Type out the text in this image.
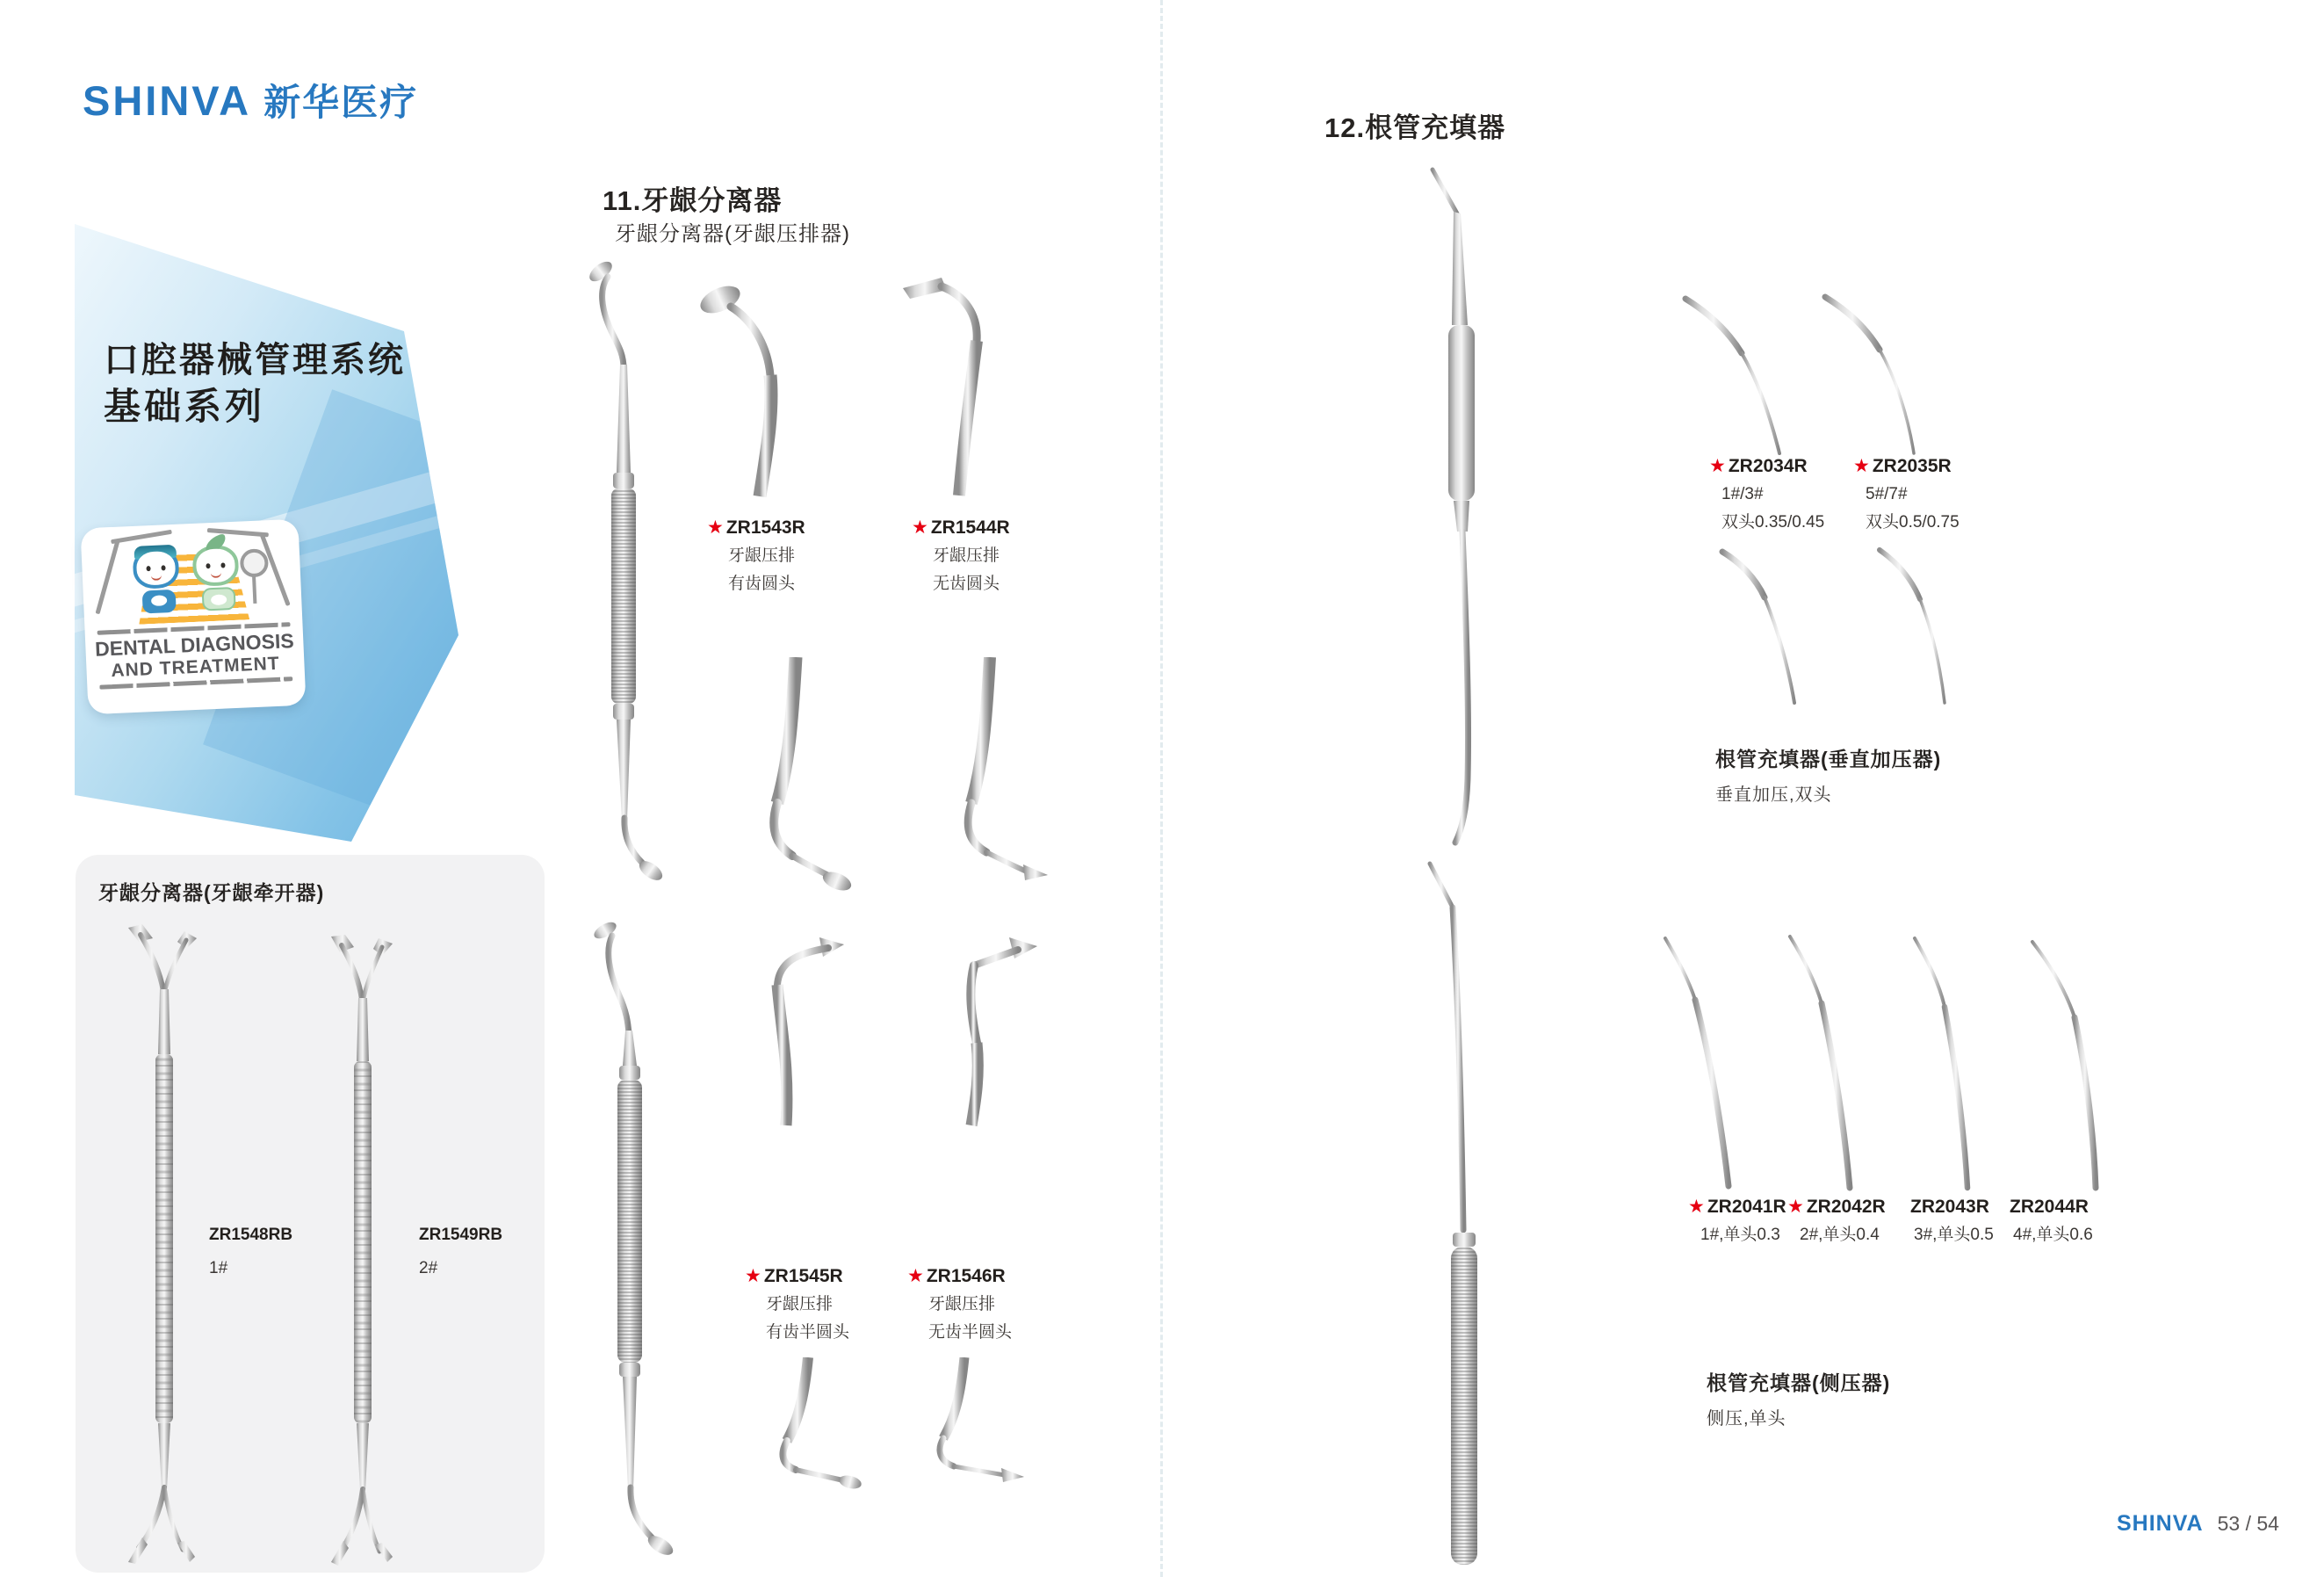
SHINVA 新华医疗
口腔器械管理系统
基础系列
DENTAL DIAGNOSIS
AND TREATMENT
11.牙龈分离器
牙龈分离器(牙龈压排器)
★ ZR1543R
牙龈压排
有齿圆头
★ ZR1544R
牙龈压排
无齿圆头
★ ZR1545R
牙龈压排
有齿半圆头
★ ZR1546R
牙龈压排
无齿半圆头
牙龈分离器(牙龈牵开器)
ZR1548RB
1#
ZR1549RB
2#
12.根管充填器
★ ZR2034R
1#/3#
双头0.35/0.45
★ ZR2035R
5#/7#
双头0.5/0.75
根管充填器(垂直加压器)
垂直加压,双头
★ ZR2041R
1#,单头0.3
★ ZR2042R
2#,单头0.4
ZR2043R
3#,单头0.5
ZR2044R
4#,单头0.6
根管充填器(侧压器)
侧压,单头
SHINVA 53 / 54
